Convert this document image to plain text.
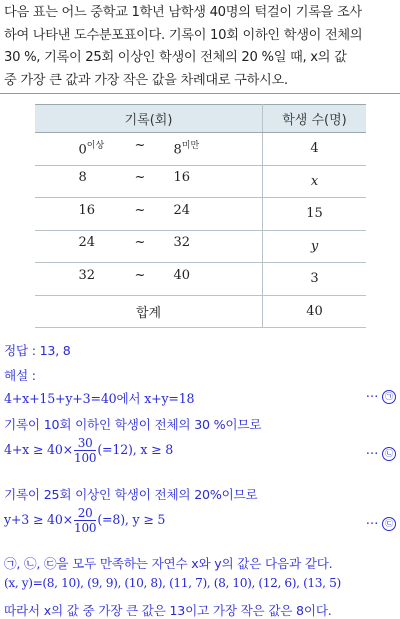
다음 표는 어느 중학교 1학년 남학생 40명의 턱걸이 기록을 조사
하여 나타낸 도수분포표이다. 기록이 10회 이하인 학생이 전체의
30 %, 기록이 25회 이상인 학생이 전체의 20 %일 때, x의 값
중 가장 큰 값과 가장 작은 값을 차례대로 구하시오.
기록(회)	학생 수(명)

$0^{이상}$ ~ $8^{미만}$	4

8 ~ 16	x

16 ~ 24	15

24 ~ 32	y

32 ~ 40	3
합계	40
정답 : 13, 8
해설 :
4+x+15+y+3=40에서 x+y=18	⋯ ㉠
기록이 10회 이하인 학생이 전체의 30 %이므로
$4+x \ge 40\times \frac{30}{100} (=12)$, x ≥ 8	⋯ ㉡
기록이 25회 이상인 학생이 전체의 20%이므로
$y+3 \ge 40\times \frac{20}{100} (=8)$, y ≥ 5	⋯ ㉢
㉠, ㉡, ㉢을 모두 만족하는 자연수 x와 y의 값은 다음과 같다.
(x, y)=(8, 10), (9, 9), (10, 8), (11, 7), (8, 10), (12, 6), (13, 5)
따라서 x의 값 중 가장 큰 값은 13이고 가장 작은 값은 8이다.
